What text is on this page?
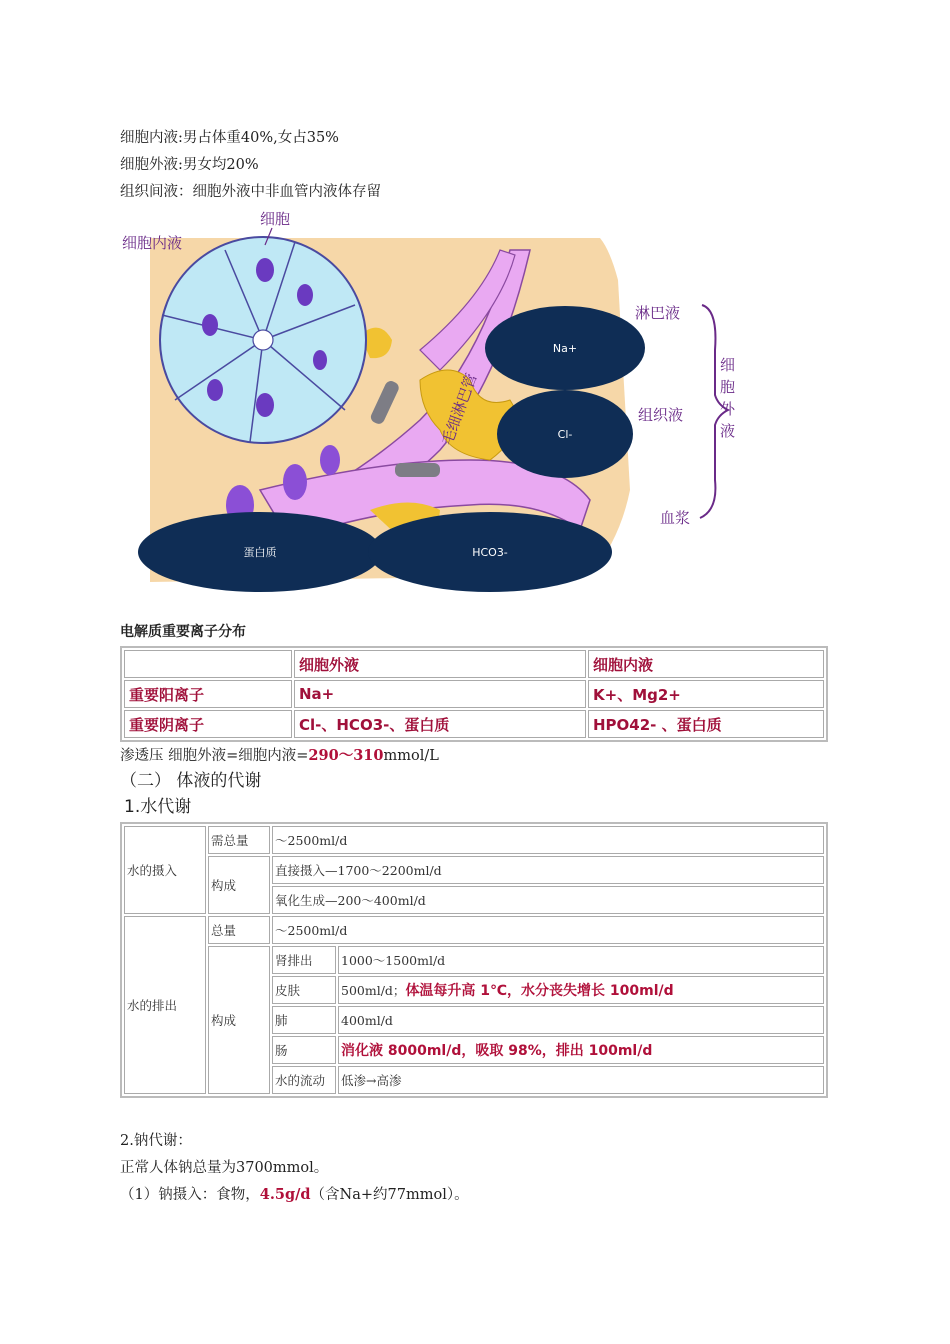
细胞内液:男占体重40%,女占35%
细胞外液:男女均20%
组织间液：细胞外液中非血管内液体存留
Na+
Cl-
蛋白质	HCO3-
细胞内液
细胞
毛细淋巴管
淋巴液
组织液
血浆
细胞外液
电解质重要离子分布
	细胞外液	细胞内液
重要阳离子	Na+	K+、Mg2+
重要阴离子	Cl-、HCO3-、蛋白质	HPO42- 、蛋白质
渗透压 细胞外液=细胞内液=290～310mmol/L
（二） 体液的代谢
1.水代谢
水的摄入	需总量	～2500ml/d	
	构成	直接摄入—1700～2200ml/d	
		氧化生成—200～400ml/d	
水的排出	总量	～2500ml/d	
	构成	肾排出	1000～1500ml/d
		皮肤	500ml/d；体温每升高 1℃，水分丧失增长 100ml/d
		肺	400ml/d
		肠	消化液 8000ml/d，吸取 98%，排出 100ml/d
		水的流动	低渗→高渗
2.钠代谢：
正常人体钠总量为3700mmol。
（1）钠摄入：食物，4.5g/d（含Na+约77mmol）。
